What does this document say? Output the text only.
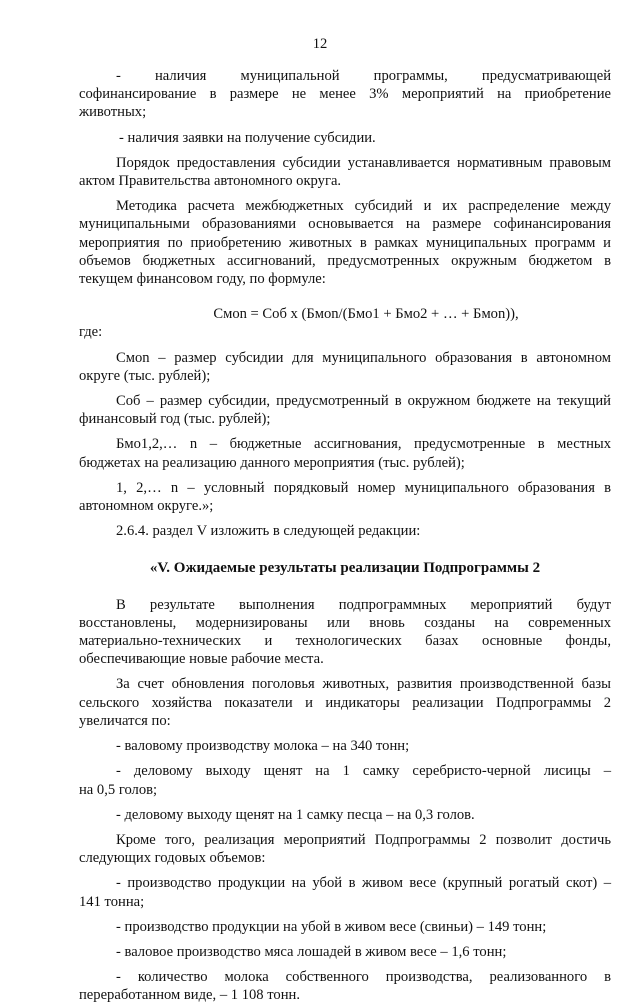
12

- наличия муниципальной программы, предусматривающей

софинансирование в размере не менее 3% мероприятий на приобретение

животных;

- наличия заявки на получение субсидии.

Порядок предоставления субсидии устанавливается нормативным правовым

актом Правительства автономного округа.

Методика расчета межбюджетных субсидий и их распределение между

муниципальными образованиями основывается на размере софинансирования

мероприятия по приобретению животных в рамках муниципальных программ и

объемов бюджетных ассигнований, предусмотренных окружным бюджетом в

текущем финансовом году, по формуле:

Смоn = Соб x (Бмоn/(Бмо1 + Бмо2 + … + Бмоn)),

где:

Смоn – размер субсидии для муниципального образования в автономном

округе (тыс. рублей);

Соб – размер субсидии, предусмотренный в окружном бюджете на текущий

финансовый год (тыс. рублей);

Бмо1,2,… n – бюджетные ассигнования, предусмотренные в местных

бюджетах на реализацию данного мероприятия (тыс. рублей);

1, 2,… n – условный порядковый номер муниципального образования в

автономном округе.»;

2.6.4. раздел V изложить в следующей редакции:

«V. Ожидаемые результаты реализации Подпрограммы 2

В результате выполнения подпрограммных мероприятий будут

восстановлены, модернизированы или вновь созданы на современных

материально-технических и технологических базах основные фонды,

обеспечивающие новые рабочие места.

За счет обновления поголовья животных, развития производственной базы

сельского хозяйства показатели и индикаторы реализации Подпрограммы 2

увеличатся по:

- валовому производству молока – на 340 тонн;

- деловому выходу щенят на 1 самку серебристо-черной лисицы –

на 0,5 голов;

- деловому выходу щенят на 1 самку песца – на 0,3 голов.

Кроме того, реализация мероприятий Подпрограммы 2 позволит достичь

следующих годовых объемов:

- производство продукции на убой в живом весе (крупный рогатый скот) –

141 тонна;

- производство продукции на убой в живом весе (свиньи) – 149 тонн;

- валовое производство мяса лошадей в живом весе – 1,6 тонн;

- количество молока собственного производства, реализованного в

переработанном виде, – 1 108 тонн.
